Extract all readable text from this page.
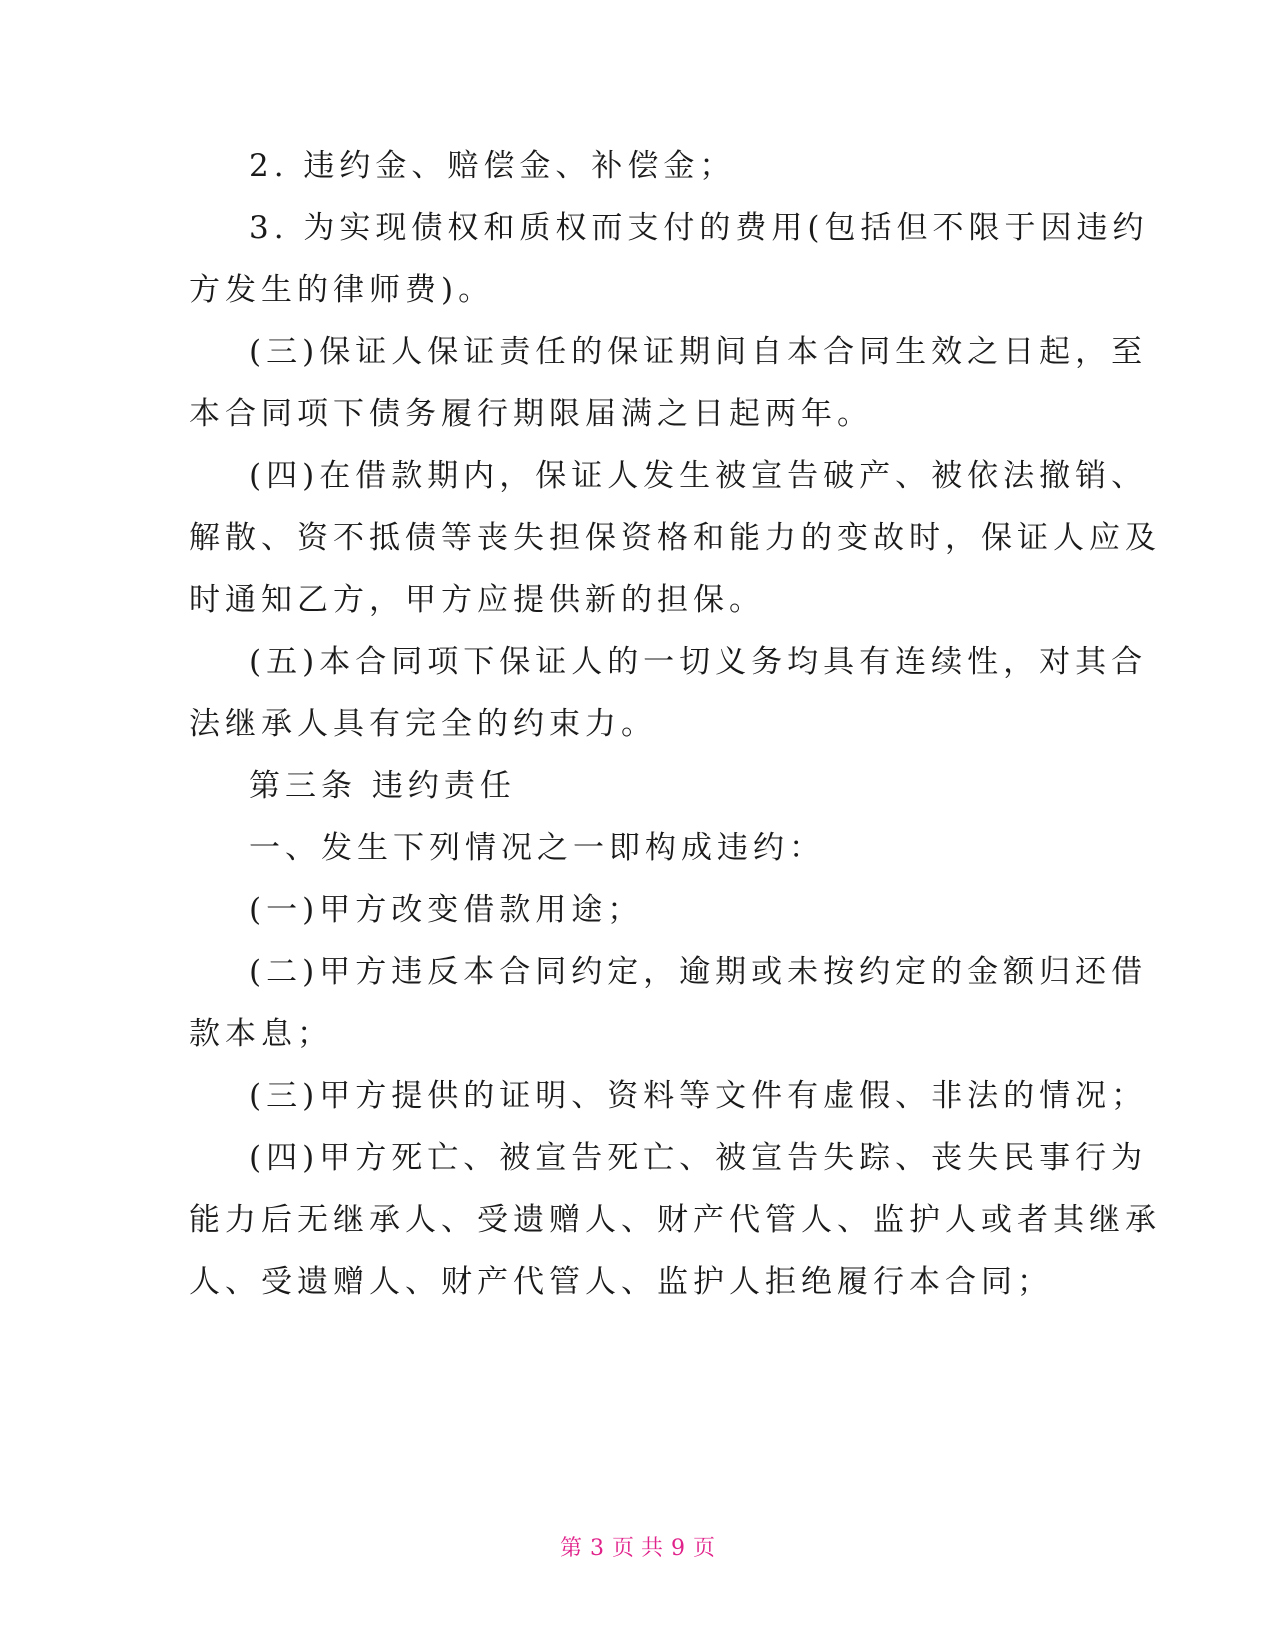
2. 违约金、赔偿金、补偿金；
3. 为实现债权和质权而支付的费用(包括但不限于因违约
方发生的律师费)。
(三)保证人保证责任的保证期间自本合同生效之日起，至
本合同项下债务履行期限届满之日起两年。
(四)在借款期内，保证人发生被宣告破产、被依法撤销、
解散、资不抵债等丧失担保资格和能力的变故时，保证人应及
时通知乙方，甲方应提供新的担保。
(五)本合同项下保证人的一切义务均具有连续性，对其合
法继承人具有完全的约束力。
第三条 违约责任
一、发生下列情况之一即构成违约：
(一)甲方改变借款用途；
(二)甲方违反本合同约定，逾期或未按约定的金额归还借
款本息；
(三)甲方提供的证明、资料等文件有虚假、非法的情况；
(四)甲方死亡、被宣告死亡、被宣告失踪、丧失民事行为
能力后无继承人、受遗赠人、财产代管人、监护人或者其继承
人、受遗赠人、财产代管人、监护人拒绝履行本合同；
第 3 页 共 9 页
